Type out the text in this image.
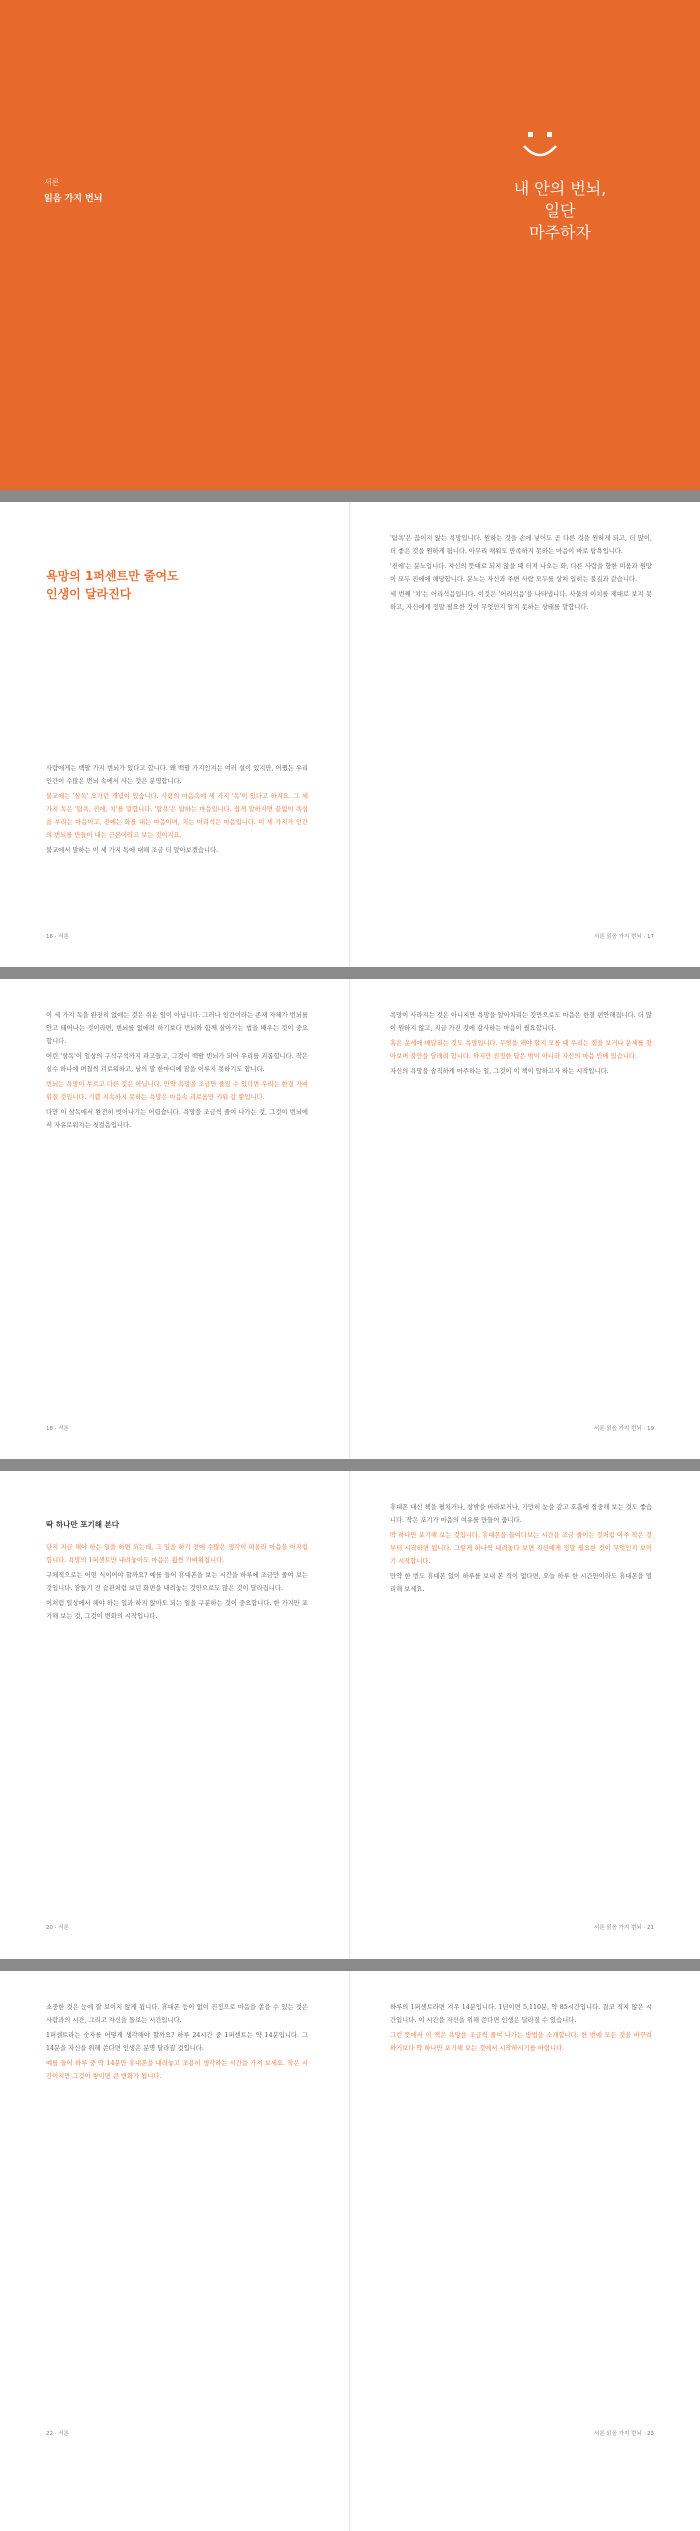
서론
읽음 가지 번뇌
내 안의 번뇌,
일단
마주하자
욕망의 1퍼센트만 줄여도
인생이 달라진다

사람에게는 백팔 가지 번뇌가 있다고 합니다. 왜 백팔 가지인지는 여러 설이 있지만, 어쨌든 우리 인간이 수많은 번뇌 속에서 사는 것은 분명합니다.

불교에는 '삼독' 요가던 개념이 있습니다. 사람의 마음속에 세 가지 '독'이 있다고 하지요. 그 세 가지 독은 '탐욕, 진에, 치'를 말합니다. '탐욕'은 탐하는 마음입니다. 쉽게 말하자면 끝없이 욕심을 부리는 마음이고, 진에는 화를 내는 마음이며, 치는 어리석은 마음입니다. 이 세 가지가 인간의 번뇌를 만들어 내는 근본이라고 보는 것이지요.

불교에서 말하는 이 세 가지 독에 대해 조금 더 알아보겠습니다.

'탐욕'은 끊이지 않는 욕망입니다. 원하는 것을 손에 넣어도 곧 다른 것을 원하게 되고, 더 많이, 더 좋은 것을 원하게 됩니다. 아무리 채워도 만족하지 못하는 마음이 바로 탐욕입니다.

'진에'는 분노입니다. 자신의 뜻대로 되지 않을 때 터져 나오는 화, 다른 사람을 향한 미움과 원망이 모두 진에에 해당합니다. 분노는 자신과 주변 사람 모두를 상처 입히는 불길과 같습니다.

세 번째 '치'는 어리석음입니다. 이것은 '어리석음'을 나타냅니다. 사물의 이치를 제대로 보지 못하고, 자신에게 정말 필요한 것이 무엇인지 알지 못하는 상태를 말합니다.

16 · 서론	서론 읽음 가지 번뇌 · 17

이 세 가지 독을 완전히 없애는 것은 쉬운 일이 아닙니다. 그러나 인간이라는 존재 자체가 번뇌를 안고 태어나는 것이라면, 번뇌를 없애려 하기보다 번뇌와 함께 살아가는 법을 배우는 것이 중요합니다.

어린 '삼독'이 일상의 구석구석까지 파고들고, 그것이 백팔 번뇌가 되어 우리를 괴롭힙니다. 작은 실수 하나에 며칠씩 괴로워하고, 남의 말 한마디에 잠을 이루지 못하기도 합니다.

번뇌는 욕망이 부르고 다른 것은 아닙니다. 만약 욕망을 조금만 줄일 수 있다면 우리는 한결 가벼워질 것입니다. 기쁨 지속하지 못하는 욕망은 마음속 괴로움만 키워 갈 뿐입니다.

다만 이 삼독에서 완전히 벗어나기는 어렵습니다. 욕망을 조금씩 줄여 나가는 것, 그것이 번뇌에서 자유로워지는 첫걸음입니다.

욕망이 사라지는 것은 아니지만 욕망을 알아차리는 것만으로도 마음은 한결 편안해집니다. 더 많이 원하지 않고, 지금 가진 것에 감사하는 마음이 필요합니다.

혹은 운세에 매달리는 것도 욕망입니다. 무엇을 해야 할지 모를 때 우리는 점을 보거나 운세를 찾아보며 불안을 달래려 합니다. 하지만 진정한 답은 밖이 아니라 자신의 마음 안에 있습니다.

자신의 욕망을 솔직하게 마주하는 일, 그것이 이 책이 말하고자 하는 시작입니다.

18 · 서론	서론 읽음 가지 번뇌 · 19
딱 하나만 포기해 본다

단지 지금 해야 하는 일을 하면 되는데, 그 일을 하기 전에 수많은 생각이 떠올라 마음을 어지럽힙니다. 욕망의 1퍼센트만 내려놓아도 마음은 훨씬 가벼워집니다.

구체적으로는 어떤 식이어야 할까요? 예를 들어 휴대폰을 보는 시간을 하루에 조금만 줄여 보는 것입니다. 잠들기 전 습관처럼 보던 화면을 내려놓는 것만으로도 많은 것이 달라집니다.

이처럼 일상에서 해야 하는 일과 하지 않아도 되는 일을 구분하는 것이 중요합니다. 한 가지만 포기해 보는 것, 그것이 변화의 시작입니다.

휴대폰 대신 책을 펼치거나, 창밖을 바라보거나, 가만히 눈을 감고 호흡에 집중해 보는 것도 좋습니다. 작은 포기가 마음의 여유를 만들어 줍니다.

딱 하나만 포기해 보는 것입니다. 휴대폰을 들여다보는 시간을 조금 줄이는 것처럼 아주 작은 것부터 시작하면 됩니다. 그렇게 하나씩 내려놓다 보면 자신에게 정말 필요한 것이 무엇인지 보이기 시작합니다.

만약 한 번도 휴대폰 없이 하루를 보내 본 적이 없다면, 오늘 하루 한 시간만이라도 휴대폰을 멀리해 보세요.

20 · 서론	서론 읽음 가지 번뇌 · 21

소중한 것은 눈에 잘 보이지 않게 됩니다. 휴대폰 등이 없이 진정으로 마음을 쏟을 수 있는 것은 사람과의 시간, 그리고 자신을 돌보는 시간입니다.

1퍼센트라는 숫자를 어떻게 생각해야 할까요? 하루 24시간 중 1퍼센트는 약 14분입니다. 그 14분을 자신을 위해 쓴다면 인생은 분명 달라질 것입니다.

예를 들어 하루 중 딱 14분만 휴대폰을 내려놓고 조용히 생각하는 시간을 가져 보세요. 작은 시간이지만 그것이 쌓이면 큰 변화가 됩니다.

하루의 1퍼센트라면 겨우 14분입니다. 1년이면 5,110분, 약 85시간입니다. 결코 적지 않은 시간입니다. 이 시간을 자신을 위해 쓴다면 인생은 달라질 수 있습니다.

그런 뜻에서 이 책은 욕망을 조금씩 줄여 나가는 방법을 소개합니다. 한 번에 모든 것을 바꾸려 하기보다 딱 하나만 포기해 보는 것에서 시작하시기를 바랍니다.

22 · 서론	서론 읽음 가지 번뇌 · 23
